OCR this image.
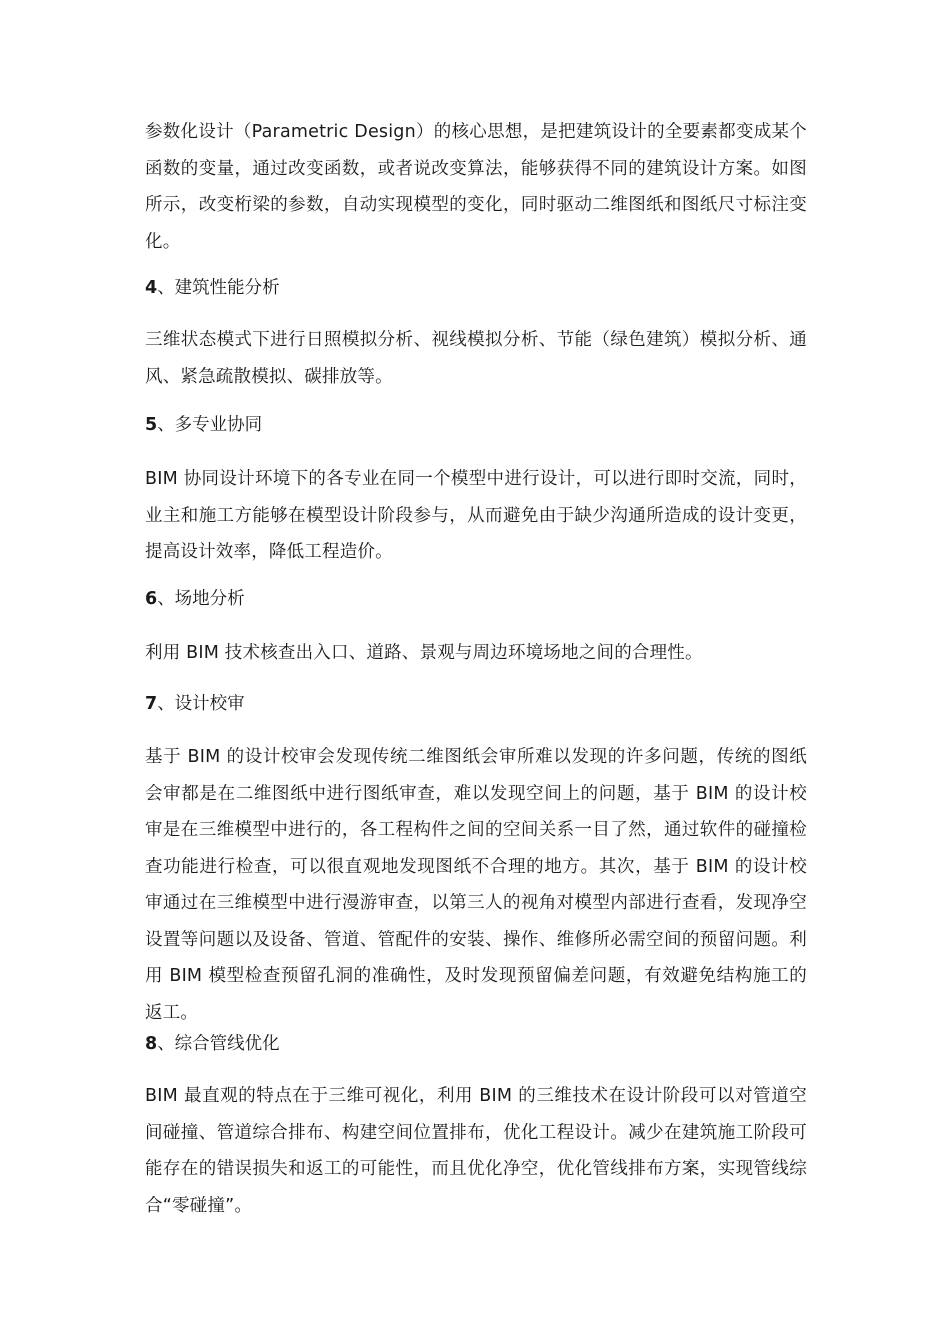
参数化设计（Parametric Design）的核心思想，是把建筑设计的全要素都变成某个函数的变量，通过改变函数，或者说改变算法，能够获得不同的建筑设计方案。如图所示，改变桁梁的参数，自动实现模型的变化，同时驱动二维图纸和图纸尺寸标注变化。

4、建筑性能分析

三维状态模式下进行日照模拟分析、视线模拟分析、节能（绿色建筑）模拟分析、通风、紧急疏散模拟、碳排放等。

5、多专业协同

BIM 协同设计环境下的各专业在同一个模型中进行设计，可以进行即时交流，同时，业主和施工方能够在模型设计阶段参与，从而避免由于缺少沟通所造成的设计变更，提高设计效率，降低工程造价。

6、场地分析

利用 BIM 技术核查出入口、道路、景观与周边环境场地之间的合理性。

7、设计校审

基于 BIM 的设计校审会发现传统二维图纸会审所难以发现的许多问题，传统的图纸会审都是在二维图纸中进行图纸审查，难以发现空间上的问题，基于 BIM 的设计校审是在三维模型中进行的，各工程构件之间的空间关系一目了然，通过软件的碰撞检查功能进行检查，可以很直观地发现图纸不合理的地方。其次，基于 BIM 的设计校审通过在三维模型中进行漫游审查，以第三人的视角对模型内部进行查看，发现净空设置等问题以及设备、管道、管配件的安装、操作、维修所必需空间的预留问题。利用 BIM 模型检查预留孔洞的准确性，及时发现预留偏差问题，有效避免结构施工的返工。

8、综合管线优化

BIM 最直观的特点在于三维可视化，利用 BIM 的三维技术在设计阶段可以对管道空间碰撞、管道综合排布、构建空间位置排布，优化工程设计。减少在建筑施工阶段可能存在的错误损失和返工的可能性，而且优化净空，优化管线排布方案，实现管线综合“零碰撞”。
